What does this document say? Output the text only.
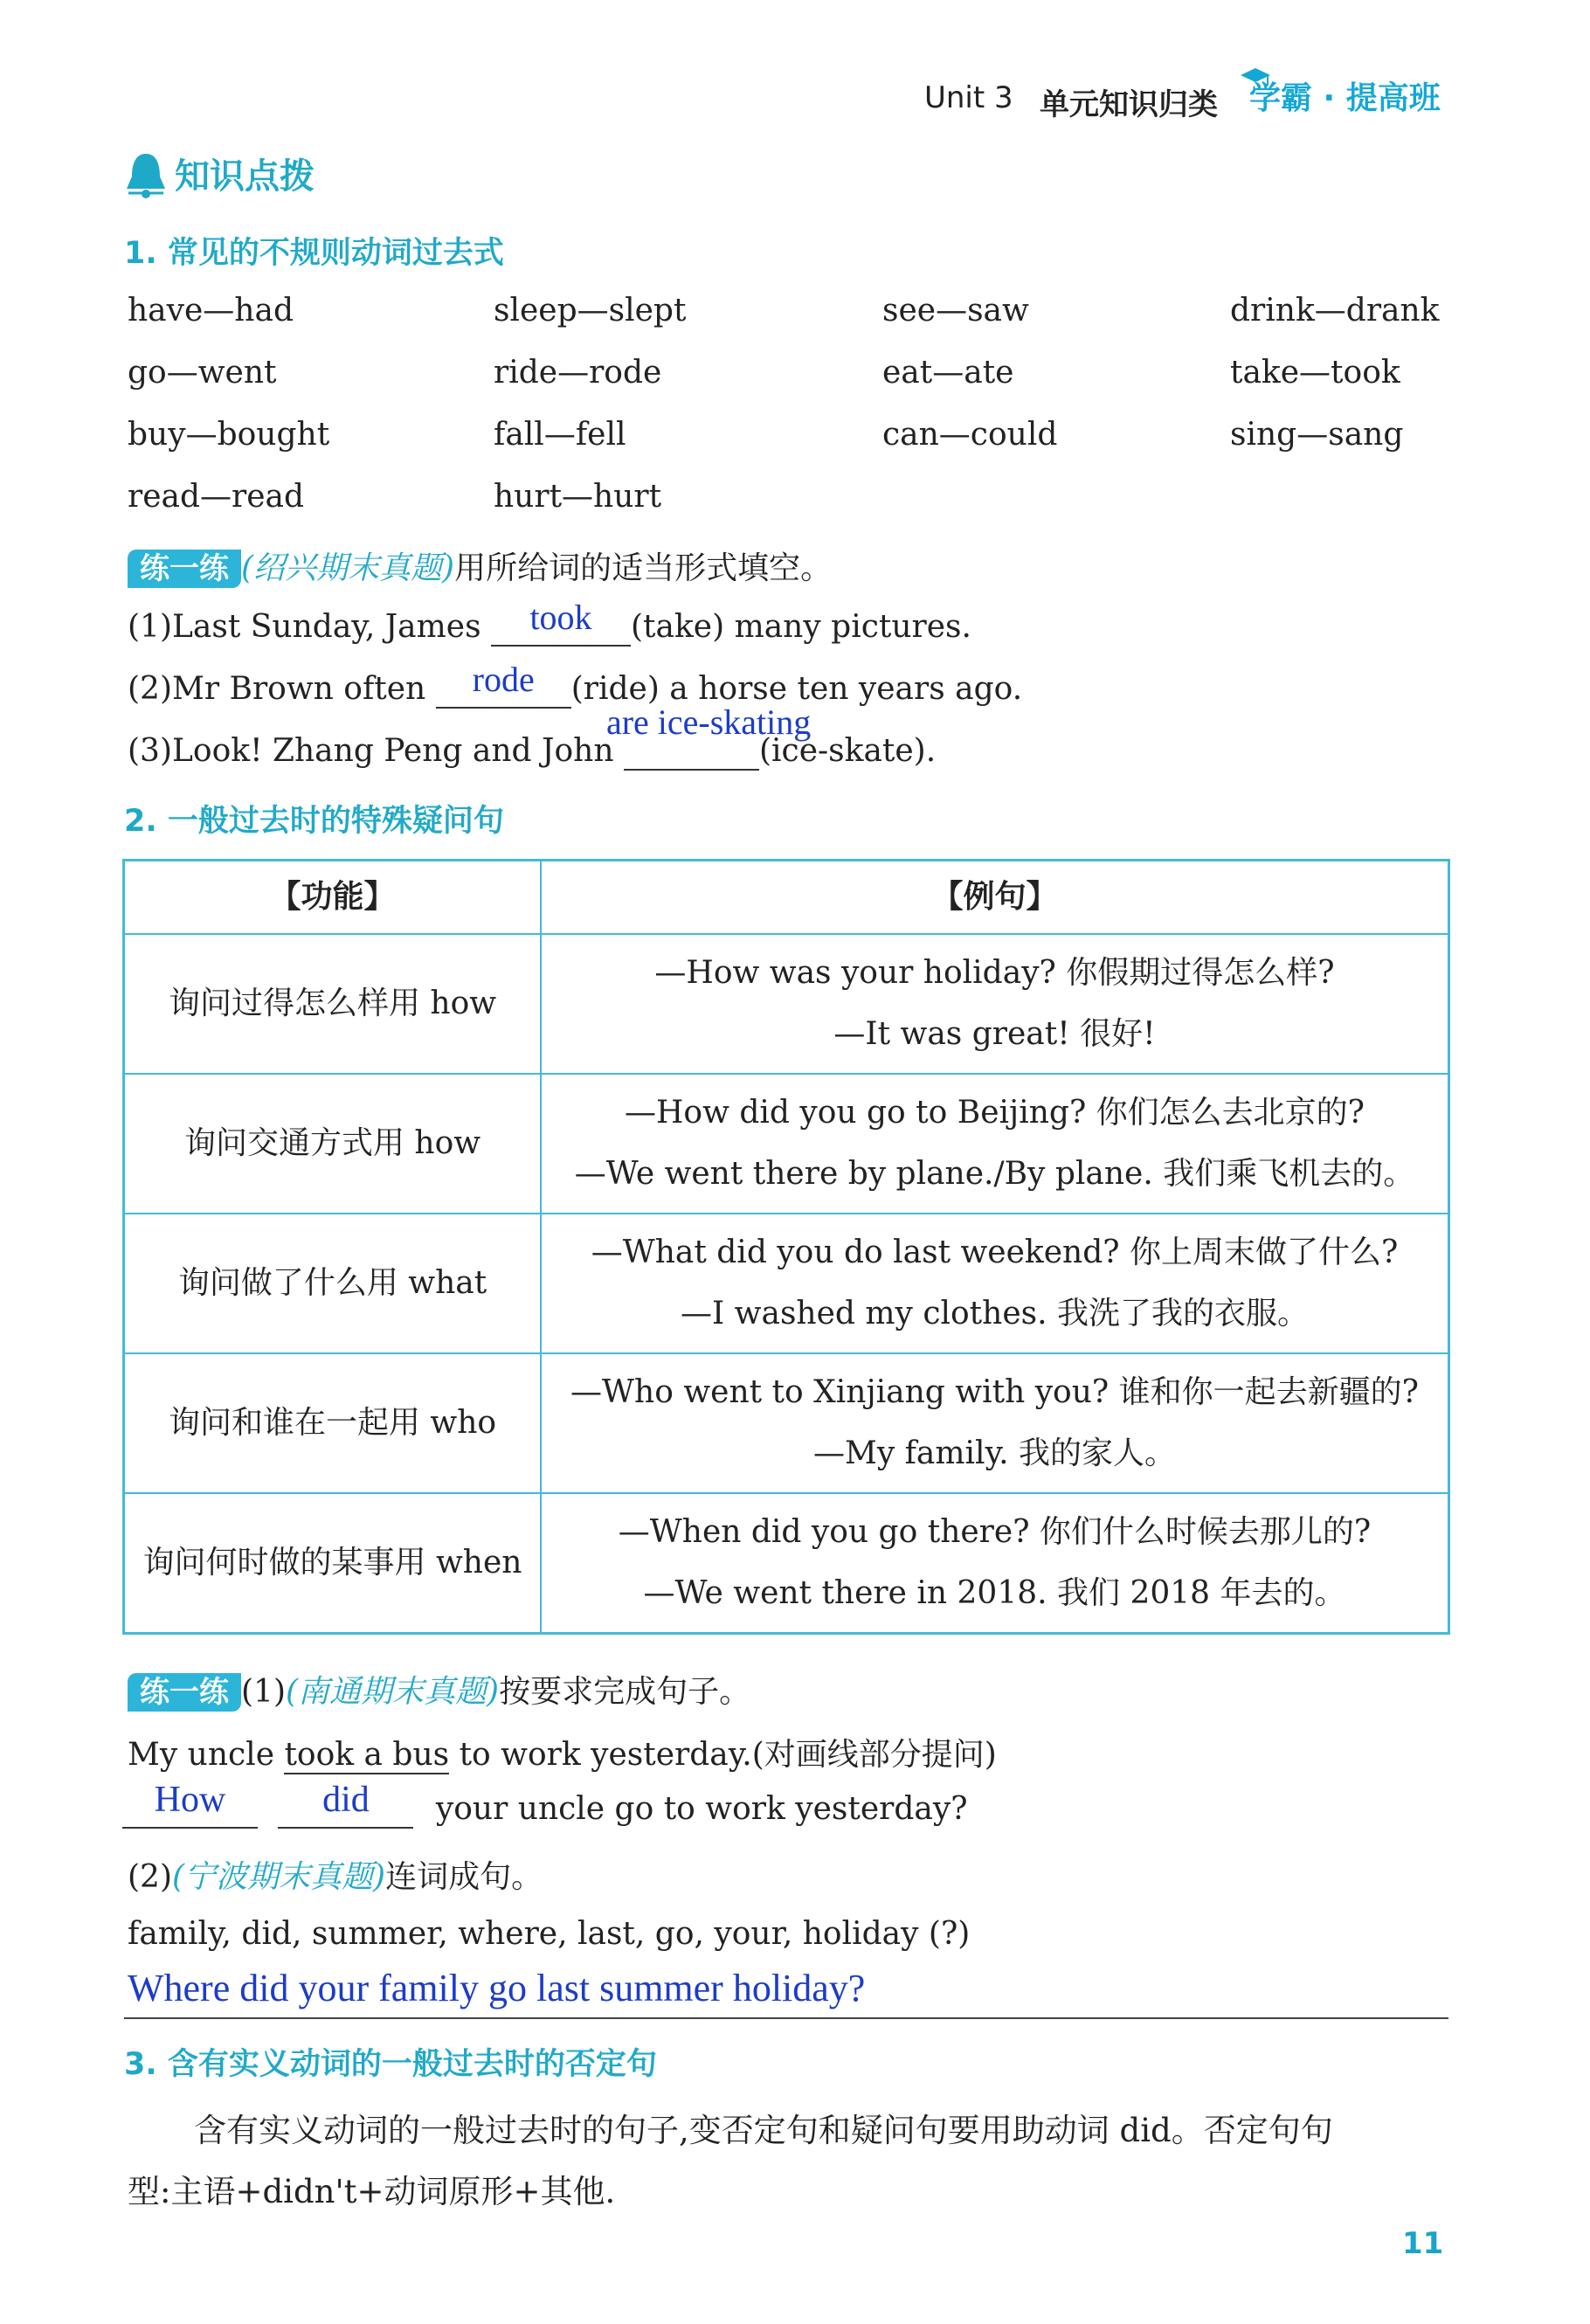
Unit 3 单元知识归类 学霸 · 提高班
知识点拨
1. 常见的不规则动词过去式
have—had	sleep—slept	see—saw	drink—drank
go—went	ride—rode	eat—ate	take—took
buy—bought	fall—fell	can—could	sing—sang
read—read	hurt—hurt
练一练 (绍兴期末真题)用所给词的适当形式填空。
(1)Last Sunday, James	took	(take) many pictures.
(2)Mr Brown often	rode	(ride) a horse ten years ago.
(3)Look! Zhang Peng and John
are ice-skating
(ice-skate).
2. 一般过去时的特殊疑问句
【功能】	【例句】
询问过得怎么样用 how	—How was your holiday? 你假期过得怎么样?
—It was great! 很好!

询问交通方式用 how	—How did you go to Beijing? 你们怎么去北京的?
—We went there by plane./By plane. 我们乘飞机去的。

询问做了什么用 what	—What did you do last weekend? 你上周末做了什么?
—I washed my clothes. 我洗了我的衣服。

询问和谁在一起用 who	—Who went to Xinjiang with you? 谁和你一起去新疆的?
—My family. 我的家人。

询问何时做的某事用 when	—When did you go there? 你们什么时候去那儿的?
—We went there in 2018. 我们 2018 年去的。
练一练 (1)(南通期末真题)按要求完成句子。
My uncle took a bus to work yesterday.(对画线部分提问)
How
	did	your uncle go to work yesterday?
(2)(宁波期末真题)连词成句。
family, did, summer, where, last, go, your, holiday (?)
Where did your family go last summer holiday?
3. 含有实义动词的一般过去时的否定句
含有实义动词的一般过去时的句子,变否定句和疑问句要用助动词 did。否定句句
型:主语+didn't+动词原形+其他.
11
